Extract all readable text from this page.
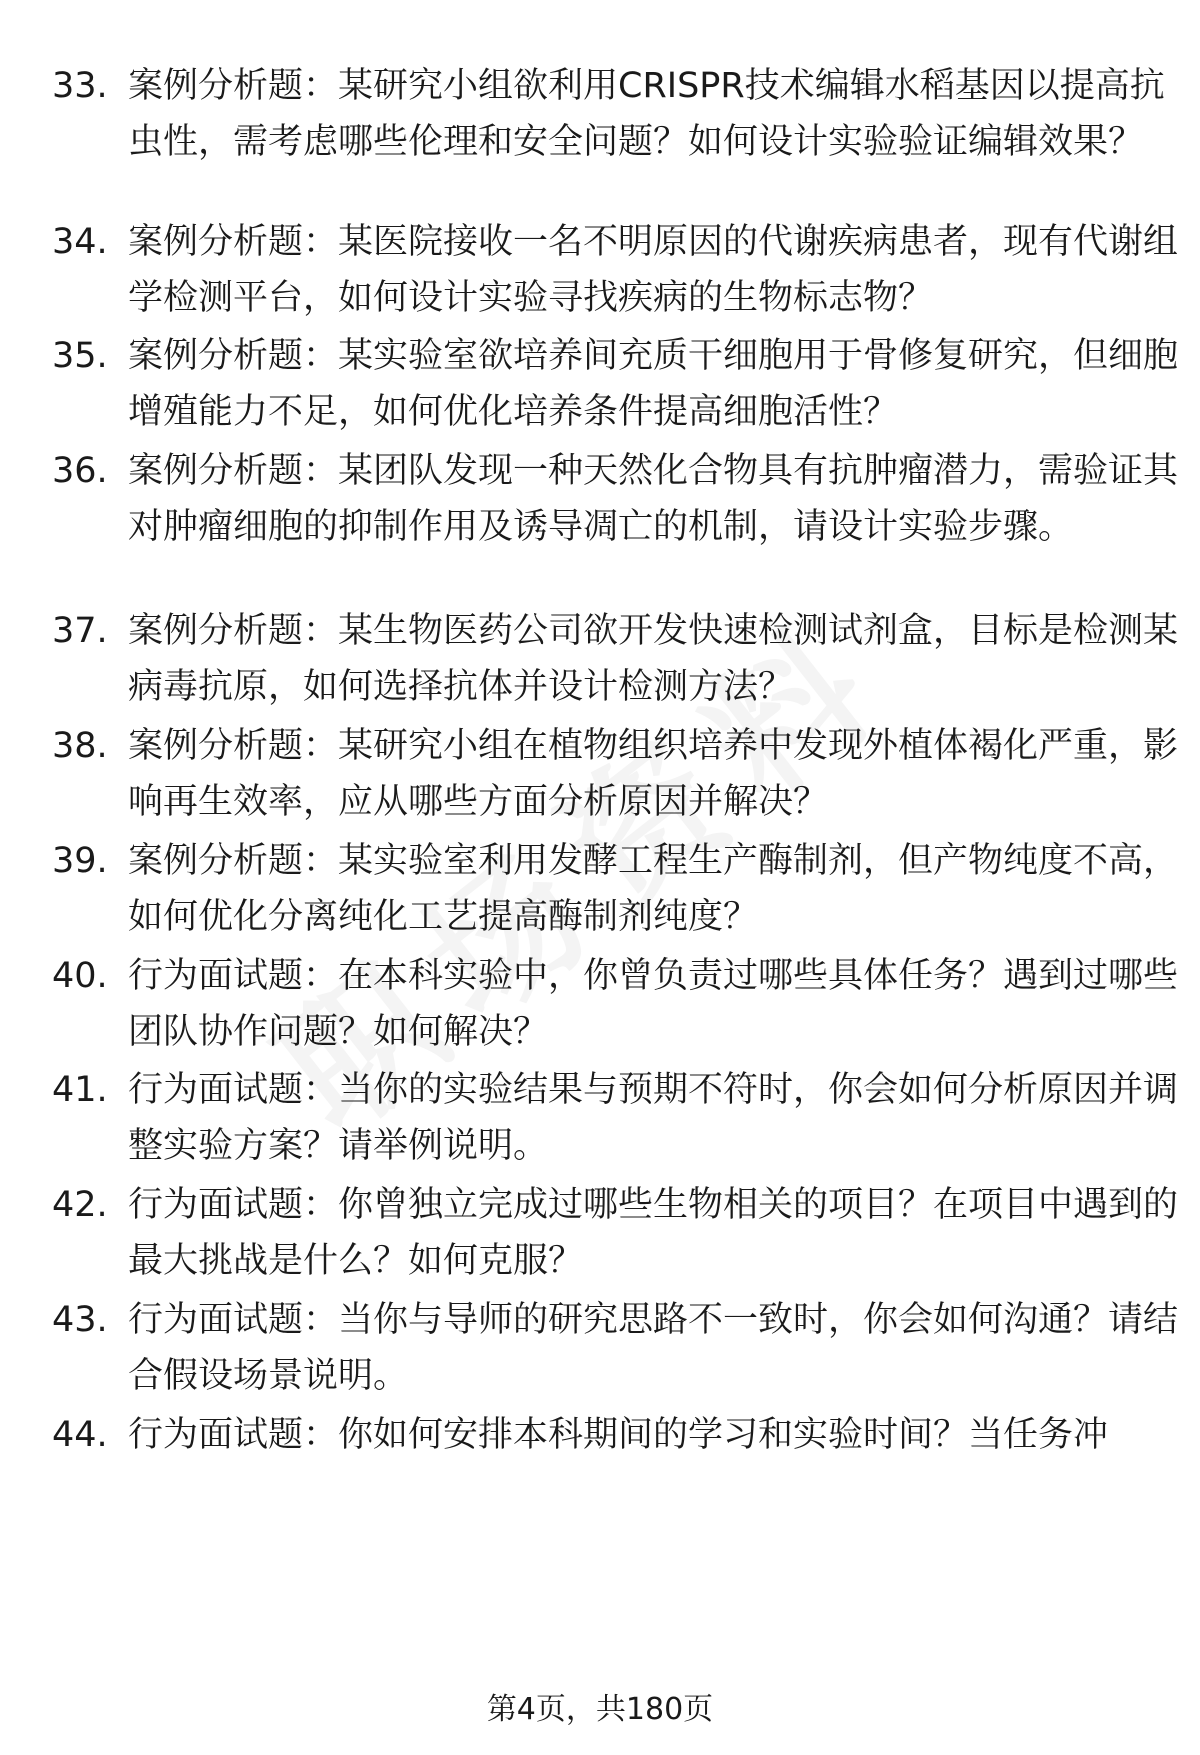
33. 案例分析题：某研究小组欲利用CRISPR技术编辑水稻基因以提高抗虫性，需考虑哪些伦理和安全问题？如何设计实验验证编辑效果？
34. 案例分析题：某医院接收一名不明原因的代谢疾病患者，现有代谢组学检测平台，如何设计实验寻找疾病的生物标志物？
35. 案例分析题：某实验室欲培养间充质干细胞用于骨修复研究，但细胞增殖能力不足，如何优化培养条件提高细胞活性？
36. 案例分析题：某团队发现一种天然化合物具有抗肿瘤潜力，需验证其对肿瘤细胞的抑制作用及诱导凋亡的机制，请设计实验步骤。
37. 案例分析题：某生物医药公司欲开发快速检测试剂盒，目标是检测某病毒抗原，如何选择抗体并设计检测方法？
38. 案例分析题：某研究小组在植物组织培养中发现外植体褐化严重，影响再生效率，应从哪些方面分析原因并解决？
39. 案例分析题：某实验室利用发酵工程生产酶制剂，但产物纯度不高，如何优化分离纯化工艺提高酶制剂纯度？
40. 行为面试题：在本科实验中，你曾负责过哪些具体任务？遇到过哪些团队协作问题？如何解决？
41. 行为面试题：当你的实验结果与预期不符时，你会如何分析原因并调整实验方案？请举例说明。
42. 行为面试题：你曾独立完成过哪些生物相关的项目？在项目中遇到的最大挑战是什么？如何克服？
43. 行为面试题：当你与导师的研究思路不一致时，你会如何沟通？请结合假设场景说明。
44. 行为面试题：你如何安排本科期间的学习和实验时间？当任务冲
第4页，共180页
